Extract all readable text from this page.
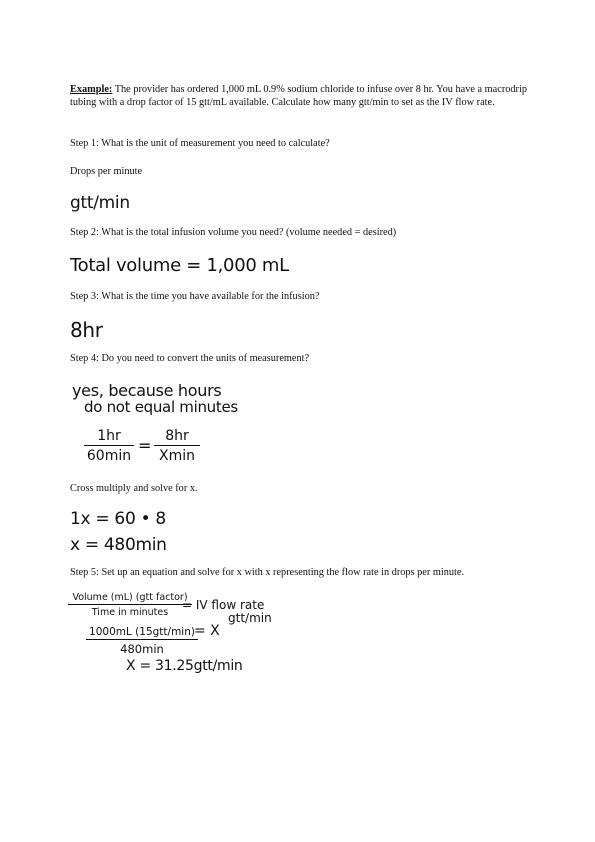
Example: The provider has ordered 1,000 mL 0.9% sodium chloride to infuse over 8 hr. You have a macrodrip tubing with a drop factor of 15 gtt/mL available. Calculate how many gtt/min to set as the IV flow rate.

Step 1: What is the unit of measurement you need to calculate?

Drops per minute

gtt/min

Step 2: What is the total infusion volume you need? (volume needed = desired)

Total volume = 1,000 mL

Step 3: What is the time you have available for the infusion?

8hr

Step 4: Do you need to convert the units of measurement?

yes, because hours

do not equal minutes

1hr
60min
= 8hr
Xmin

Cross multiply and solve for x.

1x = 60 • 8

x = 480min

Step 5: Set up an equation and solve for x with x representing the flow rate in drops per minute.

Volume (mL) (gtt factor)
Time in minutes
= IV flow rate
gtt/min
1000mL (15gtt/min)
480min
= X

X = 31.25gtt/min
